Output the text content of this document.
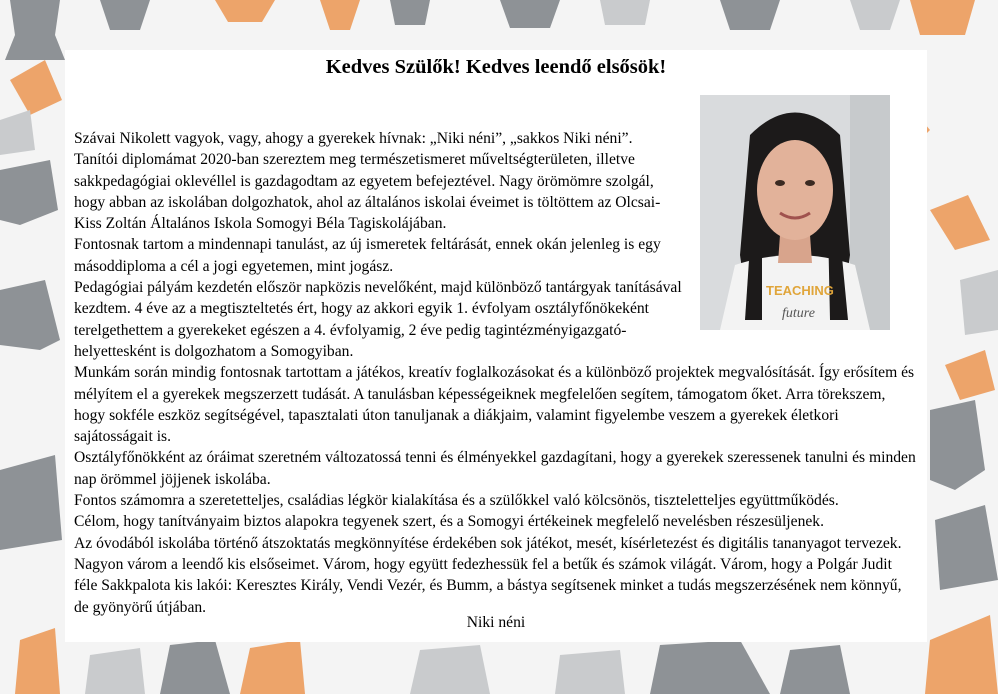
Kedves Szülők! Kedves leendő elsősök!
TEACHING
future

Szávai Nikolett vagyok, vagy, ahogy a gyerekek hívnak: „Niki néni”, „sakkos Niki néni”.

Tanítói diplomámat 2020-ban szereztem meg természetismeret műveltségterületen, illetve sakkpedagógiai oklevéllel is gazdagodtam az egyetem befejeztével. Nagy örömömre szolgál, hogy abban az iskolában dolgozhatok, ahol az általános iskolai éveimet is töltöttem az Olcsai-Kiss Zoltán Általános Iskola Somogyi Béla Tagiskolájában.

Fontosnak tartom a mindennapi tanulást, az új ismeretek feltárását, ennek okán jelenleg is egy másoddiploma a cél a jogi egyetemen, mint jogász.

Pedagógiai pályám kezdetén először napközis nevelőként, majd különböző tantárgyak tanításával kezdtem. 4 éve az a megtiszteltetés ért, hogy az akkori egyik 1. évfolyam osztályfőnökeként terelgethettem a gyerekeket egészen a 4. évfolyamig, 2 éve pedig tagintézményigazgató-helyettesként is dolgozhatom a Somogyiban.

Munkám során mindig fontosnak tartottam a játékos, kreatív foglalkozásokat és a különböző projektek megvalósítását. Így erősítem és mélyítem el a gyerekek megszerzett tudását. A tanulásban képességeiknek megfelelően segítem, támogatom őket. Arra törekszem, hogy sokféle eszköz segítségével, tapasztalati úton tanuljanak a diákjaim, valamint figyelembe veszem a gyerekek életkori sajátosságait is.

Osztályfőnökként az óráimat szeretném változatossá tenni és élményekkel gazdagítani, hogy a gyerekek szeressenek tanulni és minden nap örömmel jöjjenek iskolába.

Fontos számomra a szeretetteljes, családias légkör kialakítása és a szülőkkel való kölcsönös, tiszteletteljes együttműködés.

Célom, hogy tanítványaim biztos alapokra tegyenek szert, és a Somogyi értékeinek megfelelő nevelésben részesüljenek.

Az óvodából iskolába történő átszoktatás megkönnyítése érdekében sok játékot, mesét, kísérletezést és digitális tananyagot tervezek. Nagyon várom a leendő kis elsőseimet. Várom, hogy együtt fedezhessük fel a betűk és számok világát. Várom, hogy a Polgár Judit féle Sakkpalota kis lakói: Keresztes Király, Vendi Vezér, és Bumm, a bástya segítsenek minket a tudás megszerzésének nem könnyű, de gyönyörű útjában.

Niki néni
